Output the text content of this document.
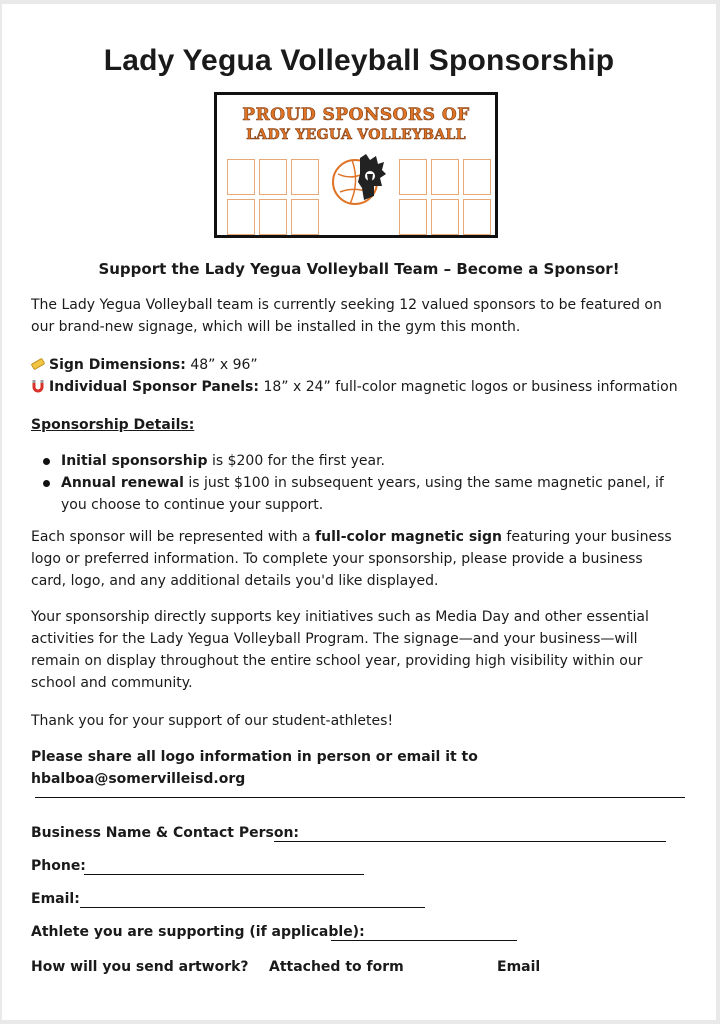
Lady Yegua Volleyball Sponsorship
PROUD SPONSORS OF
LADY YEGUA VOLLEYBALL
Support the Lady Yegua Volleyball Team – Become a Sponsor!
The Lady Yegua Volleyball team is currently seeking 12 valued sponsors to be featured on our brand-new signage, which will be installed in the gym this month.
Sign Dimensions: 48” x 96”
Individual Sponsor Panels: 18” x 24” full-color magnetic logos or business information
Sponsorship Details:
Initial sponsorship is $200 for the first year.
Annual renewal is just $100 in subsequent years, using the same magnetic panel, if you choose to continue your support.
Each sponsor will be represented with a full-color magnetic sign featuring your business logo or preferred information. To complete your sponsorship, please provide a business card, logo, and any additional details you'd like displayed.
Your sponsorship directly supports key initiatives such as Media Day and other essential activities for the Lady Yegua Volleyball Program. The signage—and your business—will remain on display throughout the entire school year, providing high visibility within our school and community.
Thank you for your support of our student-athletes!
Please share all logo information in person or email it to hbalboa@somervilleisd.org
Business Name & Contact Person:
Phone:
Email:
Athlete you are supporting (if applicable):
How will you send artwork? Attached to form	Email
